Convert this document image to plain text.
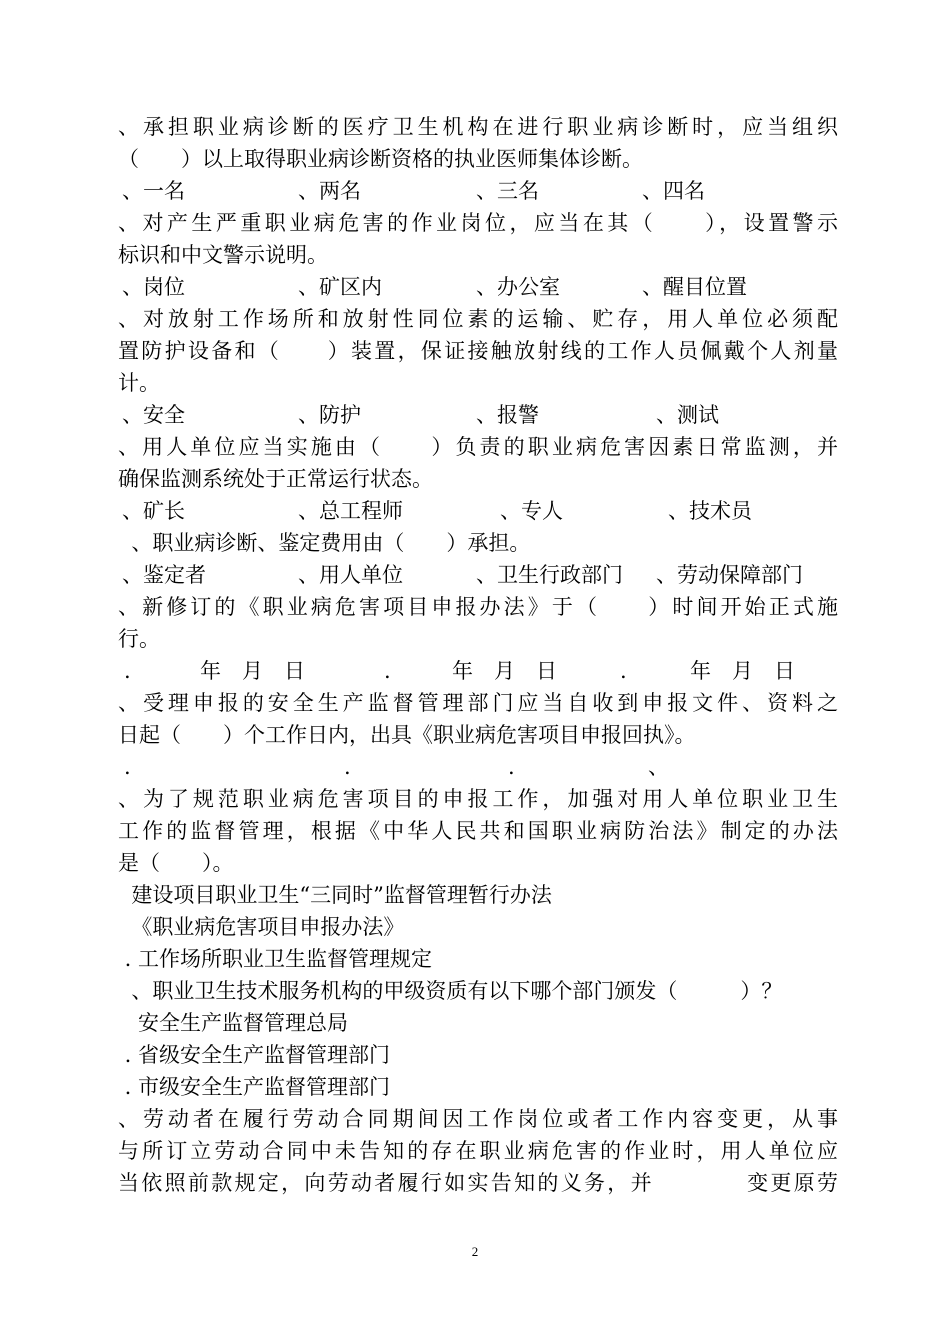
、承担职业病诊断的医疗卫生机构在进行职业病诊断时，应当组织
（　　）以上取得职业病诊断资格的执业医师集体诊断。
、对产生严重职业病危害的作业岗位，应当在其（　　），设置警示
标识和中文警示说明。
、对放射工作场所和放射性同位素的运输、贮存，用人单位必须配
置防护设备和（　　）装置，保证接触放射线的工作人员佩戴个人剂量
计。
、用人单位应当实施由（　　）负责的职业病危害因素日常监测，并
确保监测系统处于正常运行状态。
、职业病诊断、鉴定费用由（　　）承担。
、新修订的《职业病危害项目申报办法》于（　　）时间开始正式施
行。
、受理申报的安全生产监督管理部门应当自收到申报文件、资料之
日起（　　）个工作日内，出具《职业病危害项目申报回执》。
、为了规范职业病危害项目的申报工作，加强对用人单位职业卫生
工作的监督管理，根据《中华人民共和国职业病防治法》制定的办法
是（　　）。
建设项目职业卫生“三同时”监督管理暂行办法
《职业病危害项目申报办法》
. 工作场所职业卫生监督管理规定
、职业卫生技术服务机构的甲级资质有以下哪个部门颁发（　　　）？
安全生产监督管理总局
. 省级安全生产监督管理部门
. 市级安全生产监督管理部门
、劳动者在履行劳动合同期间因工作岗位或者工作内容变更，从事
与所订立劳动合同中未告知的存在职业病危害的作业时，用人单位应
当依照前款规定，向劳动者履行如实告知的义务，并　　　　变更原劳
、一名	、两名	、三名	、四名
、岗位	、矿区内	、办公室	、醒目位置
、安全	、防护	、报警	、测试
、矿长	、总工程师	、专人	、技术员
、鉴定者	、用人单位	、卫生行政部门 、劳动保障部门
.	年　月　日	.	年　月　日	.	年　月　日
.	.	.	、
2
